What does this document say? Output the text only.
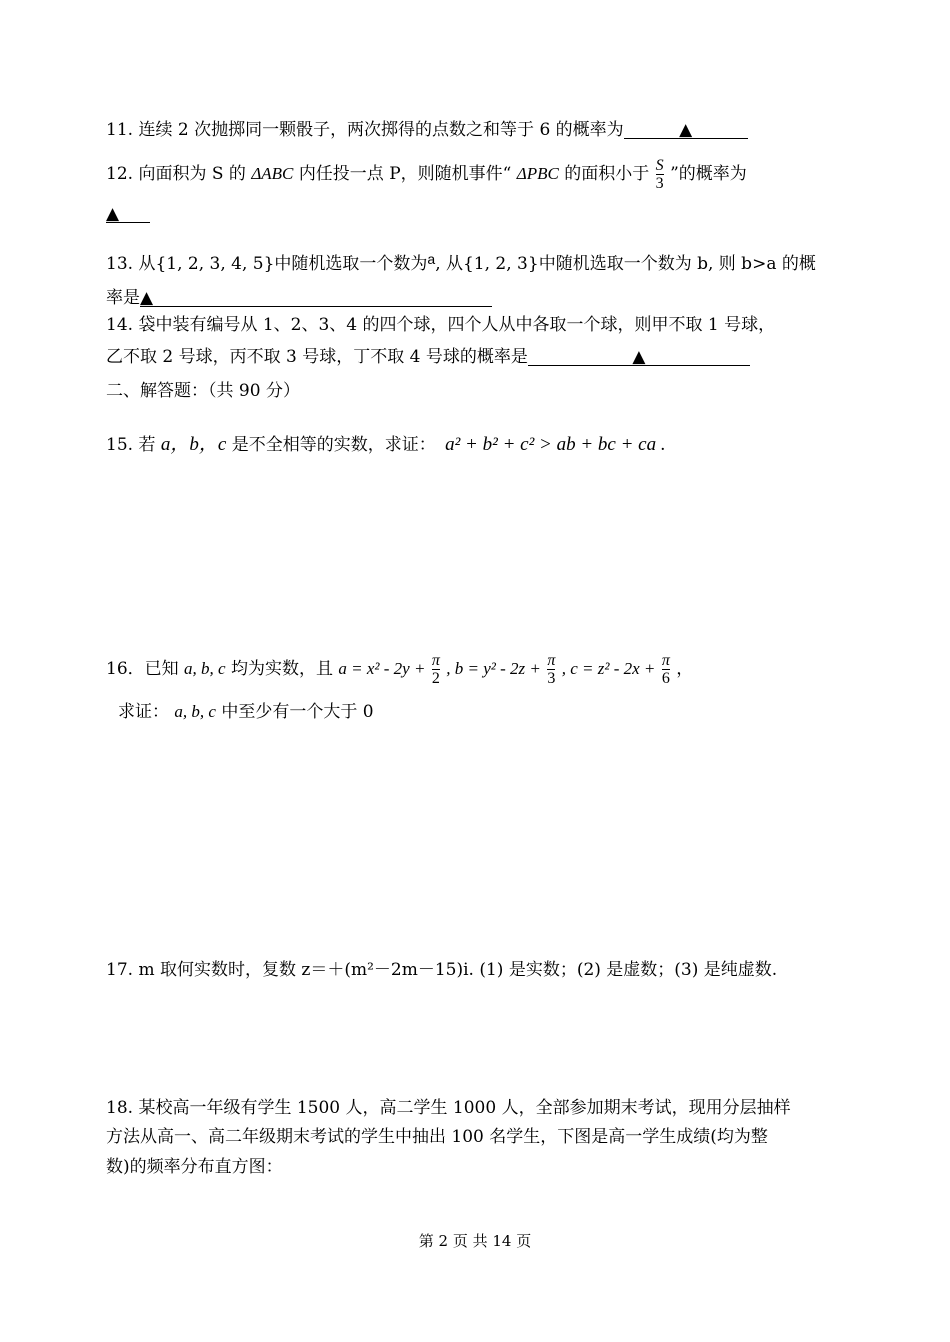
11. 连续 2 次抛掷同一颗骰子，两次掷得的点数之和等于 6 的概率为	▲
12. 向面积为 S 的 ΔABC 内任投一点 P，则随机事件“ ΔPBC 的面积小于 $\frac{S}{3}$ ”的概率为
▲
13. 从{1, 2, 3, 4, 5}中随机选取一个数为$^a$, 从{1, 2, 3}中随机选取一个数为 b, 则 b>a 的概
率是▲
14. 袋中装有编号从 1、2、3、4 的四个球，四个人从中各取一个球，则甲不取 1 号球，
乙不取 2 号球，丙不取 3 号球，丁不取 4 号球的概率是	▲
二、解答题：（共 90 分）
15. 若 a，b，c 是不全相等的实数，求证： a² + b² + c² > ab + bc + ca .
16．已知 a, b, c 均为实数，且 $a = x^2 - 2y + \frac{\pi}{2}$ , $b = y^2 - 2z + \frac{\pi}{3}$ , $c = z^2 - 2x + \frac{\pi}{6}$ ，
求证： a, b, c 中至少有一个大于 0
17. m 取何实数时，复数 z＝＋(m²－2m－15)i. (1) 是实数；(2) 是虚数；(3) 是纯虚数.
18. 某校高一年级有学生 1500 人，高二学生 1000 人，全部参加期末考试，现用分层抽样
方法从高一、高二年级期末考试的学生中抽出 100 名学生，下图是高一学生成绩(均为整
数)的频率分布直方图：
第 2 页 共 14 页
